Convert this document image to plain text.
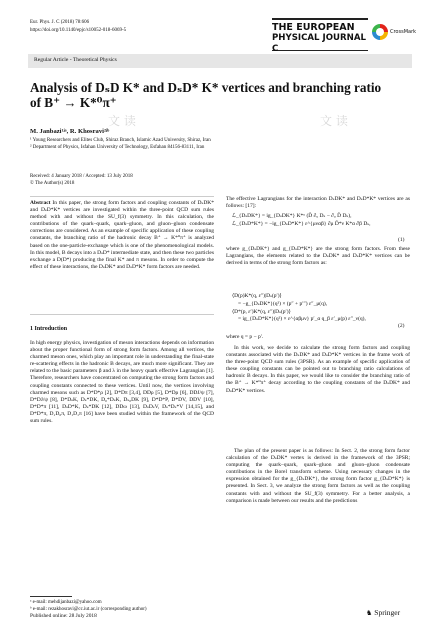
Eur. Phys. J. C (2018) 78:606
https://doi.org/10.1140/epjc/s10052-018-6069-5	THE EUROPEAN
PHYSICAL JOURNAL C
CrossMark
Regular Article - Theoretical Physics
Analysis of DₛD K* and DₛD* K* vertices and branching ratio
of B⁺ → K*⁰π⁺
文 读	文 读
M. Janbazi¹ʲᵃ, R. Khosravi²ʲᵇ
¹ Young Researchers and Elites Club, Shiraz Branch, Islamic Azad University, Shiraz, Iran
² Department of Physics, Isfahan University of Technology, Esfahan 84156-83111, Iran
Received: 4 January 2018 / Accepted: 13 July 2018
© The Author(s) 2018
Abstract In this paper, the strong form factors and coupling constants of DₛDK* and DₛD*K* vertices are investigated within the three-point QCD sum rules method with and without the SU_f(3) symmetry. In this calculation, the contributions of the quark–quark, quark–gluon, and gluon–gluon condensate corrections are considered. As an example of specific application of these coupling constants, the branching ratio of the hadronic decay B⁺ → K*⁰π⁺ is analyzed based on the one-particle-exchange which is one of the phenomenological models. In this model, B decays into a DₛD* intermediate state, and then these two particles exchange a D(D*) producing the final K* and π mesons. In order to compute the effect of these interactions, the DₛDK* and DₛD*K* form factors are needed.
1 Introduction
In high energy physics, investigation of meson interactions depends on information about the proper functional form of strong form factors. Among all vertices, the charmed meson ones, which play an important role in understanding the final-state re-scattering effects in the hadronic B decays, are much more significant. They are related to the basic parameters β and λ in the heavy quark effective Lagrangian [1]. Therefore, researchers have concentrated on computing the strong form factors and coupling constants connected to these vertices. Until now, the vertices involving charmed mesons such as D*D*ρ [2], D*Dπ [3,4], DDρ [5], D*Dρ [6], DDJ/ψ [7], D*DJ/ψ [8], D*DₛK, Dₛ*DK, D₀*DₛK, Dₛ₀DK [9], D*D*P, D*DV, DDV [10], D*D*π [11], DₛD*K, Dₛ*DK [12], DDω [13], DₛDₛV, Dₛ*Dₛ*V [14,15], and D*D*π, D₁D₀π, D₁D₁π [16] have been studied within the framework of the QCD sum rules.
ᵃ e-mail: mehdijanbazi@yahoo.com
ᵇ e-mail: rezakhosravi@cc.iut.ac.ir (corresponding author)
The effective Lagrangians for the interaction DₛDK* and DₛD*K* vertices are as follows: [17]:
ℒ_{DₛDK*} = ig_{DₛDK*} K*ᵘ (D̄ ∂ᵤ Dₛ − ∂ᵤ D̄ Dₛ),
ℒ_{DₛD*K*} = −ig_{DₛD*K*} ε^{μναβ} ∂μ D̄*ν K*α ∂β Dₛ,
(1)
where g_{DₛDK*} and g_{DₛD*K*} are the strong form factors. From these Lagrangians, the elements related to the DₛDK* and DₛD*K* vertices can be derived in terms of the strong form factors as:
⟨D(p)K*(q, ε″)|Dₛ(p′)⟩
= −g_{DₛDK*}(q²) × (p″ + p′″) ε″_μ(q),
⟨D*(p, ε′)K*(q, ε″)|Dₛ(p′)⟩
= ig_{DₛD*K*}(q²) × ε^{αβμν} p′_α q_β ε′_μ(p) ε″_ν(q),
(2)
where q = p − p′.
In this work, we decide to calculate the strong form factors and coupling constants associated with the DₛDK* and DₛD*K* vertices in the frame work of the three-point QCD sum rules (3PSR). As an example of specific application of these coupling constants can be pointed out to branching ratio calculations of hadronic B decays. In this paper, we would like to consider the branching ratio of the B⁺ → K*⁰π⁺ decay according to the coupling constants of the DₛDK* and DₛD*K* vertices.
The plan of the present paper is as follows: In Sect. 2, the strong form factor calculation of the DₛDK* vertex is derived in the framework of the 3PSR; computing the quark–quark, quark–gluon and gluon–gluon condensate contributions in the Borel transform scheme. Using necessary changes in the expression obtained for the g_{DₛDK*}, the strong form factor g_{DₛD*K*} is presented. In Sect. 3, we analyze the strong form factors as well as the coupling constants with and without the SU_f(3) symmetry. For a better analysis, a comparison is made between our results and the predictions
Published online: 28 July 2018	♞ Springer
